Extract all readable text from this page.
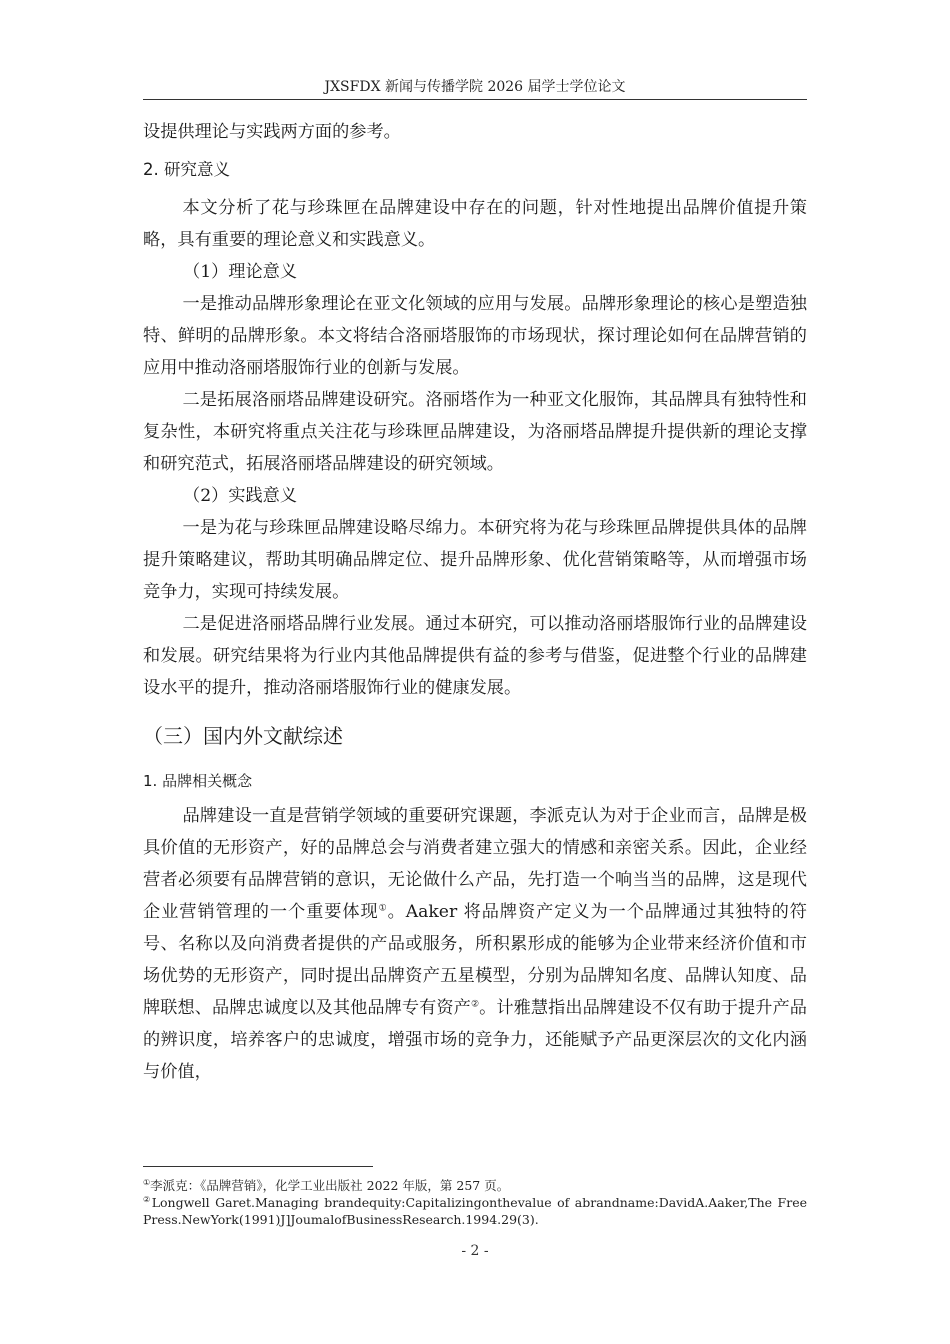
JXSFDX 新闻与传播学院 2026 届学士学位论文

设提供理论与实践两方面的参考。

2. 研究意义

本文分析了花与珍珠匣在品牌建设中存在的问题，针对性地提出品牌价值提升策略，具有重要的理论意义和实践意义。

（1）理论意义

一是推动品牌形象理论在亚文化领域的应用与发展。品牌形象理论的核心是塑造独特、鲜明的品牌形象。本文将结合洛丽塔服饰的市场现状，探讨理论如何在品牌营销的应用中推动洛丽塔服饰行业的创新与发展。

二是拓展洛丽塔品牌建设研究。洛丽塔作为一种亚文化服饰，其品牌具有独特性和复杂性，本研究将重点关注花与珍珠匣品牌建设，为洛丽塔品牌提升提供新的理论支撑和研究范式，拓展洛丽塔品牌建设的研究领域。

（2）实践意义

一是为花与珍珠匣品牌建设略尽绵力。本研究将为花与珍珠匣品牌提供具体的品牌提升策略建议，帮助其明确品牌定位、提升品牌形象、优化营销策略等，从而增强市场竞争力，实现可持续发展。

二是促进洛丽塔品牌行业发展。通过本研究，可以推动洛丽塔服饰行业的品牌建设和发展。研究结果将为行业内其他品牌提供有益的参考与借鉴，促进整个行业的品牌建设水平的提升，推动洛丽塔服饰行业的健康发展。

（三）国内外文献综述
1. 品牌相关概念

品牌建设一直是营销学领域的重要研究课题，李派克认为对于企业而言，品牌是极具价值的无形资产，好的品牌总会与消费者建立强大的情感和亲密关系。因此，企业经营者必须要有品牌营销的意识，无论做什么产品，先打造一个响当当的品牌，这是现代企业营销管理的一个重要体现①。Aaker 将品牌资产定义为一个品牌通过其独特的符号、名称以及向消费者提供的产品或服务，所积累形成的能够为企业带来经济价值和市场优势的无形资产，同时提出品牌资产五星模型，分别为品牌知名度、品牌认知度、品牌联想、品牌忠诚度以及其他品牌专有资产②。计雅慧指出品牌建设不仅有助于提升产品的辨识度，培养客户的忠诚度，增强市场的竞争力，还能赋予产品更深层次的文化内涵与价值，

①李派克：《品牌营销》，化学工业出版社 2022 年版，第 257 页。

②Longwell Garet.Managing brandequity:Capitalizingonthevalue of abrandname:DavidA.Aaker,The Free Press.NewYork(1991)J]JoumalofBusinessResearch.1994.29(3).

- 2 -
